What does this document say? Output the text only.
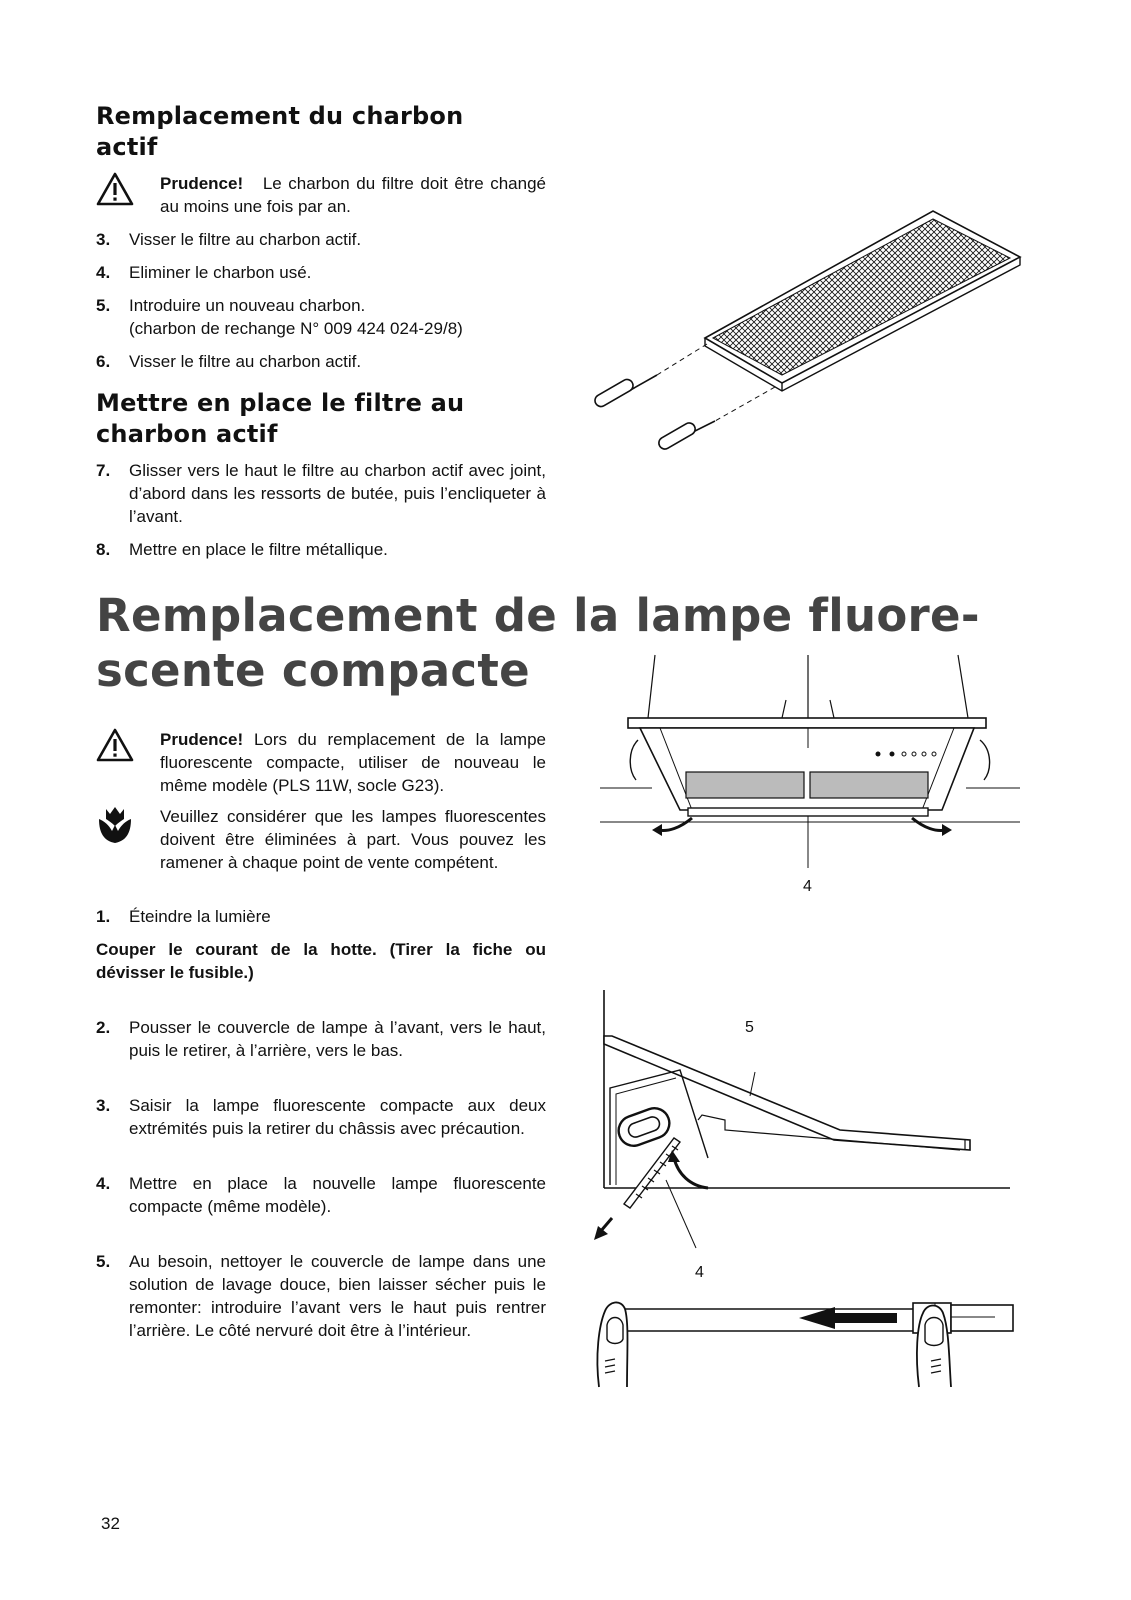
Remplacement du charbon
actif
Prudence! Le charbon du filtre doit être changé au moins une fois par an.
3.	Visser le filtre au charbon actif.
4.	Eliminer le charbon usé.
5.	Introduire un nouveau charbon.
(charbon de rechange N° 009 424 024-29/8)
6.	Visser le filtre au charbon actif.
Mettre en place le filtre au
charbon actif
7.	Glisser vers le haut le filtre au charbon actif avec joint, d’abord dans les ressorts de butée, puis l’encliqueter à l’avant.
8.	Mettre en place le filtre métallique.
Remplacement de la lampe fluore-
scente compacte
Prudence! Lors du remplacement de la lampe fluorescente compacte, utiliser de nouveau le même modèle (PLS 11W, socle G23).
Veuillez considérer que les lampes fluorescentes doivent être éliminées à part. Vous pouvez les ramener à chaque point de vente compétent.
1.	Éteindre la lumière
Couper le courant de la hotte. (Tirer la fiche ou dévisser le fusible.)
2.	Pousser le couvercle de lampe à l’avant, vers le haut, puis le retirer, à l’arrière, vers le bas.
3.	Saisir la lampe fluorescente compacte aux deux extrémités puis la retirer du châssis avec précaution.
4.	Mettre en place la nouvelle lampe fluorescente compacte (même modèle).
5.	Au besoin, nettoyer le couvercle de lampe dans une solution de lavage douce, bien laisser sécher puis le remonter: introduire l’avant vers le haut puis rentrer l’arrière. Le côté nervuré doit être à l’intérieur.
4
5
4
32
